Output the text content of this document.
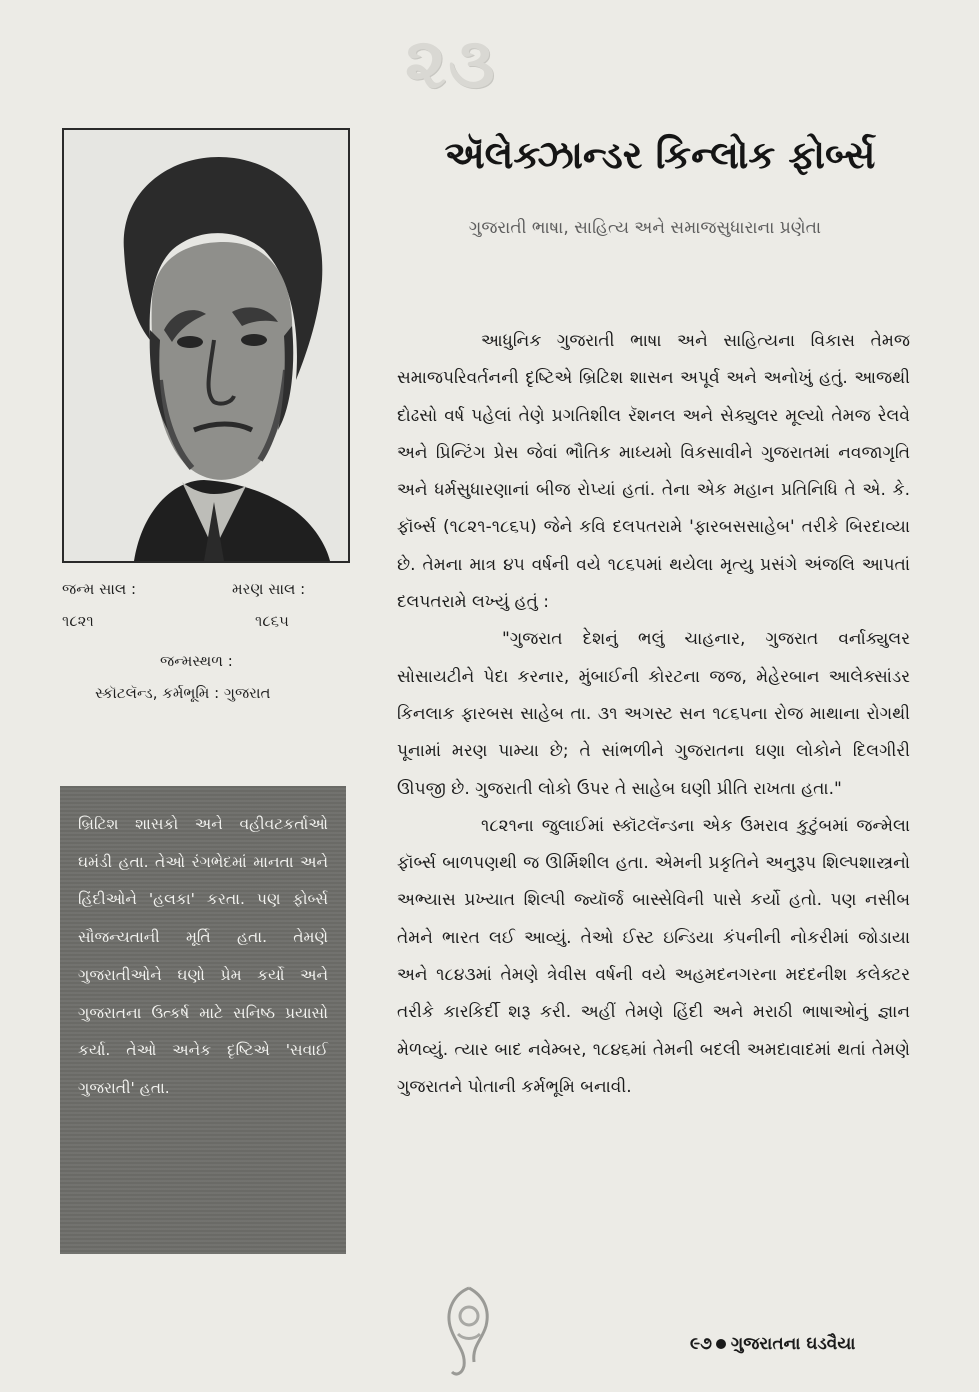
૨૩
ઍલેક્ઝાન્ડર કિન્લોક ફોર્બ્સ
ગુજરાતી ભાષા, સાહિત્ય અને સમાજસુધારાના પ્રણેતા
જન્મ સાલ :	મરણ સાલ :
૧૮૨૧	૧૮૬૫
જન્મસ્થળ :
સ્કૉટલૅન્ડ, કર્મભૂમિ : ગુજરાત

બ્રિટિશ શાસકો અને વહીવટકર્તાઓ ઘમંડી હતા. તેઓ રંગભેદમાં માનતા અને હિંદીઓને 'હલકા' કરતા. પણ ફોર્બ્સ સૌજન્યતાની મૂર્તિ હતા. તેમણે ગુજરાતીઓને ઘણો પ્રેમ કર્યો અને ગુજરાતના ઉત્કર્ષ માટે સનિષ્ઠ પ્રયાસો કર્યા. તેઓ અનેક દૃષ્ટિએ 'સવાઈ ગુજરાતી' હતા.

આધુનિક ગુજરાતી ભાષા અને સાહિત્યના વિકાસ તેમજ સમાજપરિવર્તનની દૃષ્ટિએ બ્રિટિશ શાસન અપૂર્વ અને અનોખું હતું. આજથી દોઢસો વર્ષ પહેલાં તેણે પ્રગતિશીલ રૅશનલ અને સેક્યુલર મૂલ્યો તેમજ રેલવે અને પ્રિન્ટિંગ પ્રેસ જેવાં ભૌતિક માધ્યમો વિકસાવીને ગુજરાતમાં નવજાગૃતિ અને ધર્મસુધારણાનાં બીજ રોપ્યાં હતાં. તેના એક મહાન પ્રતિનિધિ તે એ. કે. ફૉર્બ્સ (૧૮૨૧-૧૮૬૫) જેને કવિ દલપતરામે 'ફારબસસાહેબ' તરીકે બિરદાવ્યા છે. તેમના માત્ર ૪૫ વર્ષની વયે ૧૮૬૫માં થયેલા મૃત્યુ પ્રસંગે અંજલિ આપતાં દલપતરામે લખ્યું હતું :

"ગુજરાત દેશનું ભલું ચાહનાર, ગુજરાત વર્નાક્યુલર સોસાયટીને પેદા કરનાર, મુંબાઈની કોરટના જજ, મેહેરબાન આલેક્સાંડર કિનલાક ફારબસ સાહેબ તા. ૩૧ અગસ્ટ સન ૧૮૬૫ના રોજ માથાના રોગથી પૂનામાં મરણ પામ્યા છે; તે સાંભળીને ગુજરાતના ઘણા લોકોને દિલગીરી ઊપજી છે. ગુજરાતી લોકો ઉપર તે સાહેબ ઘણી પ્રીતિ રાખતા હતા."

૧૮૨૧ના જુલાઈમાં સ્કૉટલૅન્ડના એક ઉમરાવ કુટુંબમાં જન્મેલા ફૉર્બ્સ બાળપણથી જ ઊર્મિશીલ હતા. એમની પ્રકૃતિને અનુરૂપ શિલ્પશાસ્ત્રનો અભ્યાસ પ્રખ્યાત શિલ્પી જ્યૉર્જ બાસ્સેવિની પાસે કર્યો હતો. પણ નસીબ તેમને ભારત લઈ આવ્યું. તેઓ ઈસ્ટ ઇન્ડિયા કંપનીની નોકરીમાં જોડાયા અને ૧૮૪૩માં તેમણે ત્રેવીસ વર્ષની વયે અહમદનગરના મદદનીશ કલેક્ટર તરીકે કારકિર્દી શરૂ કરી. અહીં તેમણે હિંદી અને મરાઠી ભાષાઓનું જ્ઞાન મેળવ્યું. ત્યાર બાદ નવેમ્બર, ૧૮૪૬માં તેમની બદલી અમદાવાદમાં થતાં તેમણે ગુજરાતને પોતાની કર્મભૂમિ બનાવી.

૯૭ ગુજરાતના ઘડવૈયા
